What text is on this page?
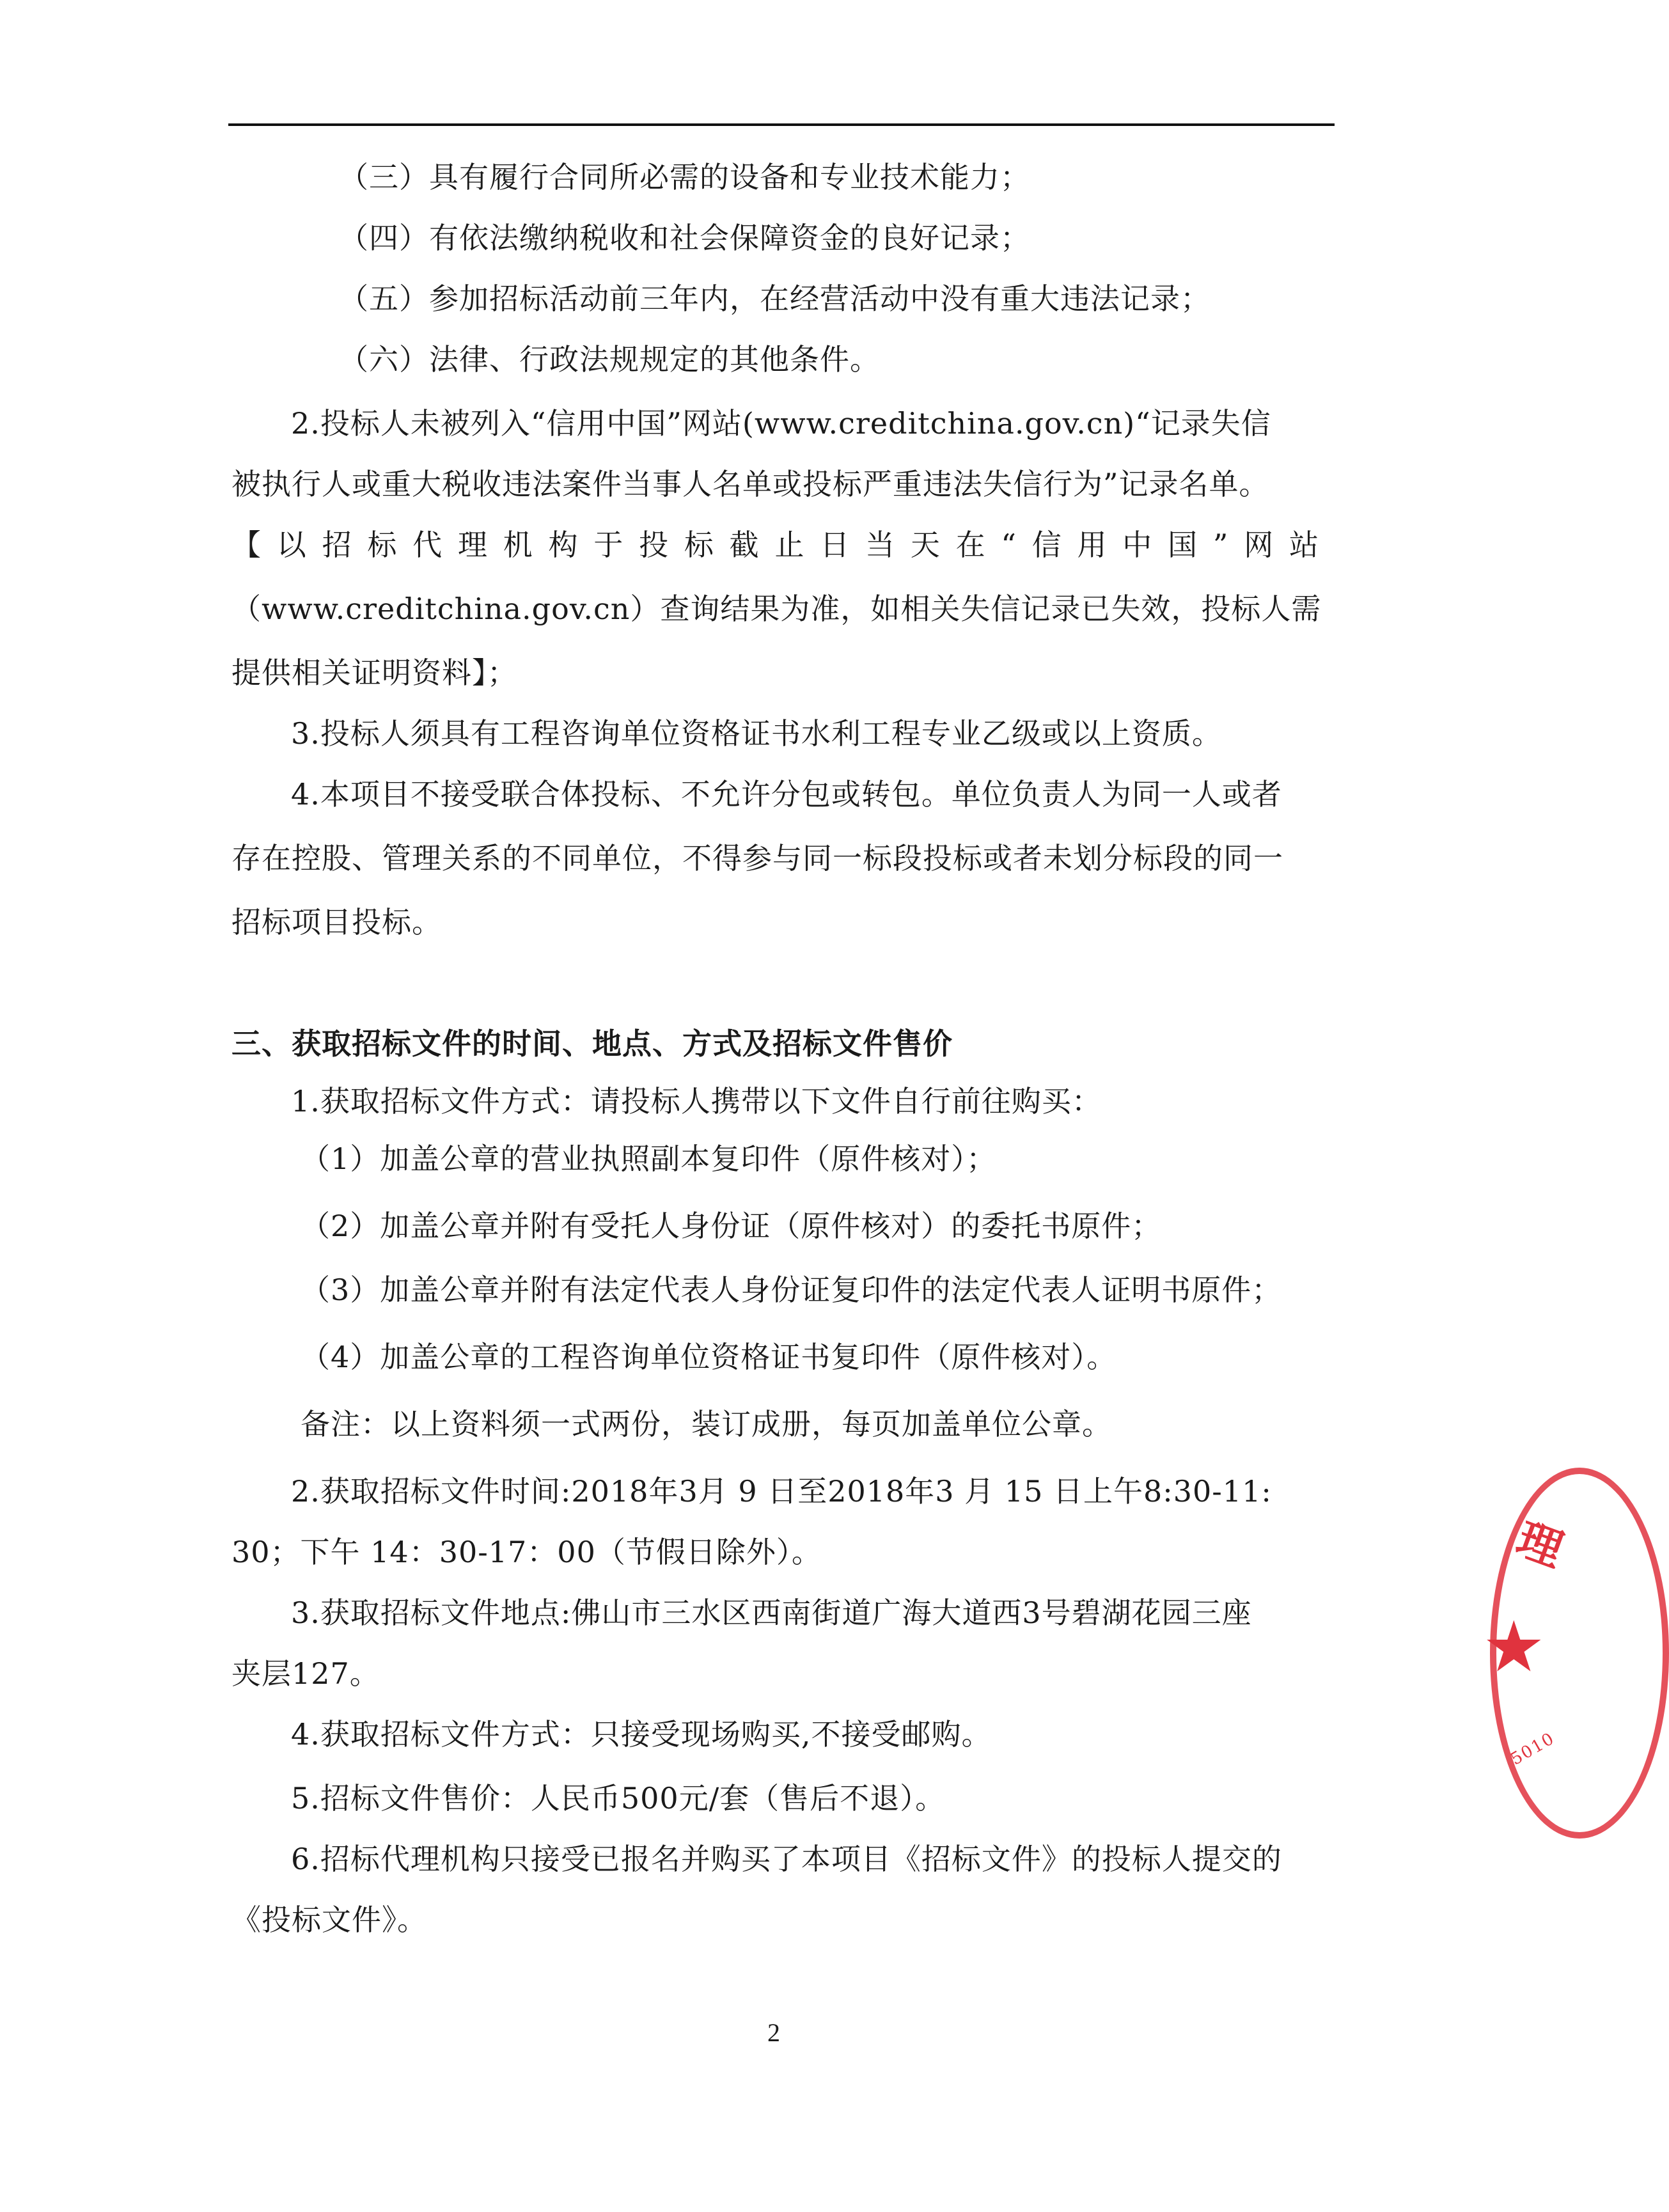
（三）具有履行合同所必需的设备和专业技术能力；
（四）有依法缴纳税收和社会保障资金的良好记录；
（五）参加招标活动前三年内，在经营活动中没有重大违法记录；
（六）法律、行政法规规定的其他条件。
2.投标人未被列入“信用中国”网站(www.creditchina.gov.cn)“记录失信
被执行人或重大税收违法案件当事人名单或投标严重违法失信行为”记录名单。
【以招标代理机构于投标截止日当天在“信用中国”网站
（www.creditchina.gov.cn）查询结果为准，如相关失信记录已失效，投标人需
提供相关证明资料】；
3.投标人须具有工程咨询单位资格证书水利工程专业乙级或以上资质。
4.本项目不接受联合体投标、不允许分包或转包。单位负责人为同一人或者
存在控股、管理关系的不同单位，不得参与同一标段投标或者未划分标段的同一
招标项目投标。
三、获取招标文件的时间、地点、方式及招标文件售价
1.获取招标文件方式：请投标人携带以下文件自行前往购买：
（1）加盖公章的营业执照副本复印件（原件核对）；
（2）加盖公章并附有受托人身份证（原件核对）的委托书原件；
（3）加盖公章并附有法定代表人身份证复印件的法定代表人证明书原件；
（4）加盖公章的工程咨询单位资格证书复印件（原件核对）。
备注：以上资料须一式两份，装订成册，每页加盖单位公章。
2.获取招标文件时间:2018年3月 9 日至2018年3 月 15 日上午8:30-11:
30；下午 14：30-17：00（节假日除外）。
3.获取招标文件地点:佛山市三水区西南街道广海大道西3号碧湖花园三座
夹层127。
4.获取招标文件方式：只接受现场购买,不接受邮购。
5.招标文件售价：人民币500元/套（售后不退）。
6.招标代理机构只接受已报名并购买了本项目《招标文件》的投标人提交的
《投标文件》。
2
理
★
5010
